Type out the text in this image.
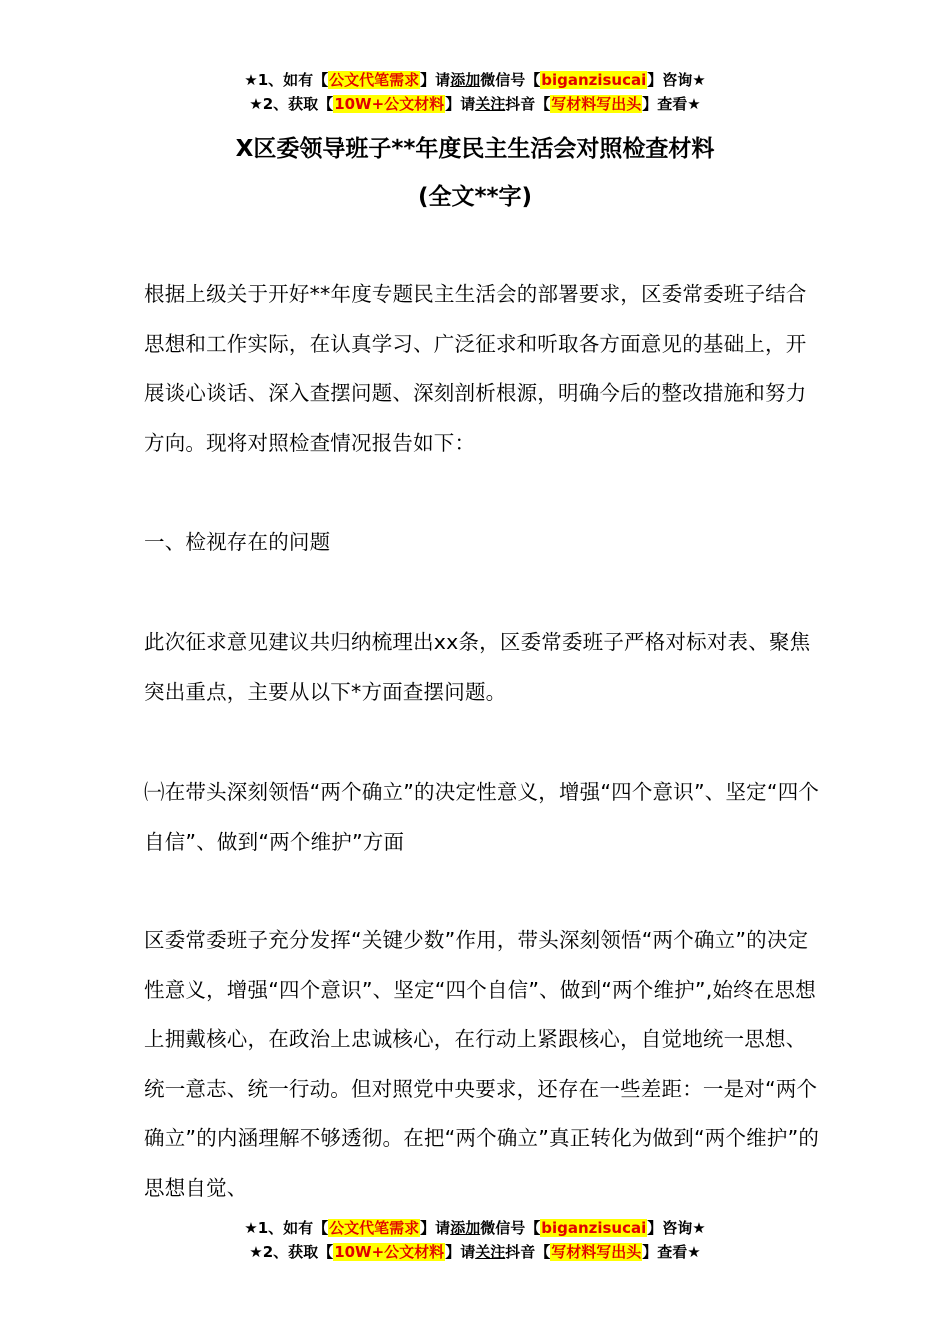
★1、如有【公文代笔需求】请添加微信号【biganzisucai】咨询★
★2、获取【10W+公文材料】请关注抖音【写材料写出头】查看★
X区委领导班子**年度民主生活会对照检查材料
(全文**字)
根据上级关于开好**年度专题民主生活会的部署要求，区委常委班子结合思想和工作实际，在认真学习、广泛征求和听取各方面意见的基础上，开展谈心谈话、深入查摆问题、深刻剖析根源，明确今后的整改措施和努力方向。现将对照检查情况报告如下：
一、检视存在的问题
此次征求意见建议共归纳梳理出xx条，区委常委班子严格对标对表、聚焦突出重点，主要从以下*方面查摆问题。
㈠在带头深刻领悟“两个确立”的决定性意义，增强“四个意识”、坚定“四个自信”、做到“两个维护”方面
区委常委班子充分发挥“关键少数”作用，带头深刻领悟“两个确立”的决定性意义，增强“四个意识”、坚定“四个自信”、做到“两个维护”,始终在思想上拥戴核心，在政治上忠诚核心，在行动上紧跟核心，自觉地统一思想、统一意志、统一行动。但对照党中央要求，还存在一些差距：一是对“两个确立”的内涵理解不够透彻。在把“两个确立”真正转化为做到“两个维护”的思想自觉、
★1、如有【公文代笔需求】请添加微信号【biganzisucai】咨询★
★2、获取【10W+公文材料】请关注抖音【写材料写出头】查看★
